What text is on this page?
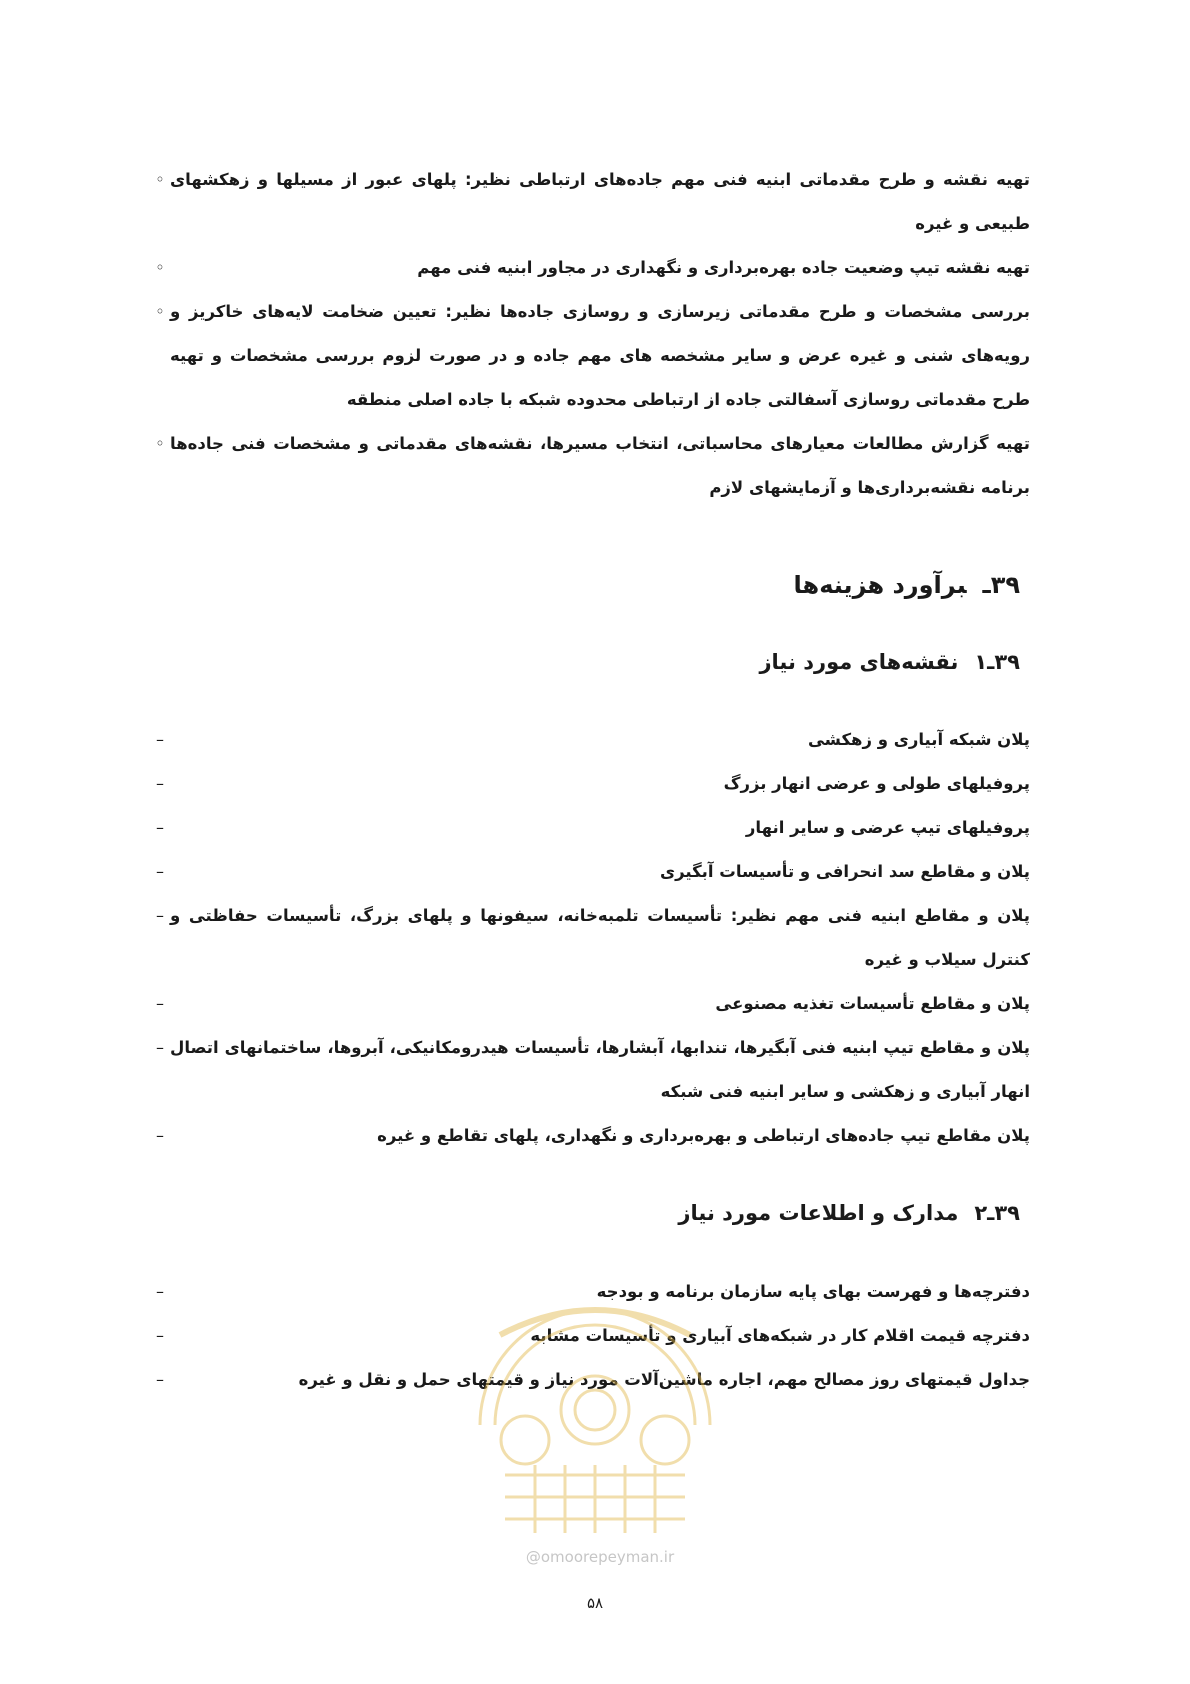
◦ تهیه نقشه و طرح مقدماتی ابنیه فنی مهم جاده‌های ارتباطی نظیر: پلهای عبور از مسیلها و زهکشهای طبیعی و غیره
◦	تهیه نقشه تیپ وضعیت جاده بهره‌برداری و نگهداری در مجاور ابنیه فنی مهم
◦ بررسی مشخصات و طرح مقدماتی زیرسازی و روسازی جاده‌ها نظیر: تعیین ضخامت لایه‌های خاکریز و رویه‌های شنی و غیره عرض و سایر مشخصه های مهم جاده و در صورت لزوم بررسی مشخصات و تهیه طرح مقدماتی روسازی آسفالتی جاده از ارتباطی محدوده شبکه با جاده اصلی منطقه
◦ تهیه گزارش مطالعات معیارهای محاسباتی، انتخاب مسیرها، نقشه‌های مقدماتی و مشخصات فنی جاده‌ها برنامه نقشه‌برداری‌ها و آزمایشهای لازم
۳۹ـبرآورد هزینه‌ها
۳۹ـ۱نقشه‌های مورد نیاز
–	پلان شبکه آبیاری و زهکشی
–	پروفیلهای طولی و عرضی انهار بزرگ
–	پروفیلهای تیپ عرضی و سایر انهار
–	پلان و مقاطع سد انحرافی و تأسیسات آبگیری
– پلان و مقاطع ابنیه فنی مهم نظیر: تأسیسات تلمبه‌خانه، سیفونها و پلهای بزرگ، تأسیسات حفاظتی و کنترل سیلاب و غیره
–	پلان و مقاطع تأسیسات تغذیه مصنوعی
– پلان و مقاطع تیپ ابنیه فنی آبگیرها، تندابها، آبشارها، تأسیسات هیدرومکانیکی، آبروها، ساختمانهای اتصال انهار آبیاری و زهکشی و سایر ابنیه فنی شبکه
–	پلان مقاطع تیپ جاده‌های ارتباطی و بهره‌برداری و نگهداری، پلهای تقاطع و غیره
۳۹ـ۲مدارک و اطلاعات مورد نیاز
–	دفترچه‌ها و فهرست بهای پایه سازمان برنامه و بودجه
–	دفترچه قیمت اقلام کار در شبکه‌های آبیاری و تأسیسات مشابه
–	جداول قیمتهای روز مصالح مهم، اجاره ماشین‌آلات مورد نیاز و قیمتهای حمل و نقل و غیره
@omoorepeyman.ir
۵۸
